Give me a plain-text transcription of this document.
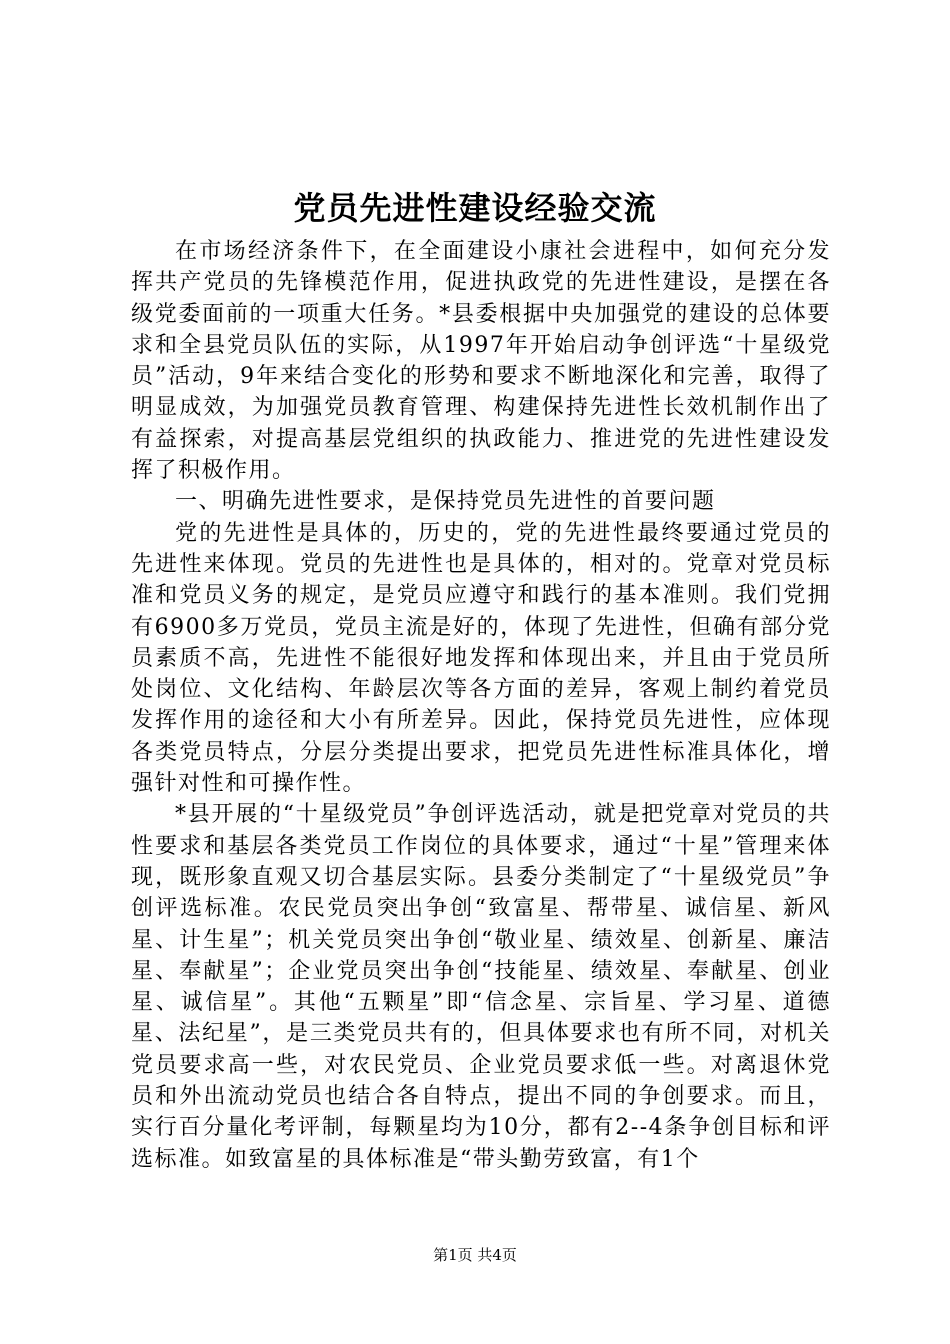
党员先进性建设经验交流

在市场经济条件下，在全面建设小康社会进程中，如何充分发挥共产党员的先锋模范作用，促进执政党的先进性建设，是摆在各级党委面前的一项重大任务。*县委根据中央加强党的建设的总体要求和全县党员队伍的实际，从1997年开始启动争创评选“十星级党员”活动，9年来结合变化的形势和要求不断地深化和完善，取得了明显成效，为加强党员教育管理、构建保持先进性长效机制作出了有益探索，对提高基层党组织的执政能力、推进党的先进性建设发挥了积极作用。

一、明确先进性要求，是保持党员先进性的首要问题

党的先进性是具体的，历史的，党的先进性最终要通过党员的先进性来体现。党员的先进性也是具体的，相对的。党章对党员标准和党员义务的规定，是党员应遵守和践行的基本准则。我们党拥有6900多万党员，党员主流是好的，体现了先进性，但确有部分党员素质不高，先进性不能很好地发挥和体现出来，并且由于党员所处岗位、文化结构、年龄层次等各方面的差异，客观上制约着党员发挥作用的途径和大小有所差异。因此，保持党员先进性，应体现各类党员特点，分层分类提出要求，把党员先进性标准具体化，增强针对性和可操作性。

*县开展的“十星级党员”争创评选活动，就是把党章对党员的共性要求和基层各类党员工作岗位的具体要求，通过“十星”管理来体现，既形象直观又切合基层实际。县委分类制定了“十星级党员”争创评选标准。农民党员突出争创“致富星、帮带星、诚信星、新风星、计生星”；机关党员突出争创“敬业星、绩效星、创新星、廉洁星、奉献星”；企业党员突出争创“技能星、绩效星、奉献星、创业星、诚信星”。其他“五颗星”即“信念星、宗旨星、学习星、道德星、法纪星”，是三类党员共有的，但具体要求也有所不同，对机关党员要求高一些，对农民党员、企业党员要求低一些。对离退休党员和外出流动党员也结合各自特点，提出不同的争创要求。而且，实行百分量化考评制，每颗星均为10分，都有2--4条争创目标和评选标准。如致富星的具体标准是“带头勤劳致富，有1个

第1页 共4页
